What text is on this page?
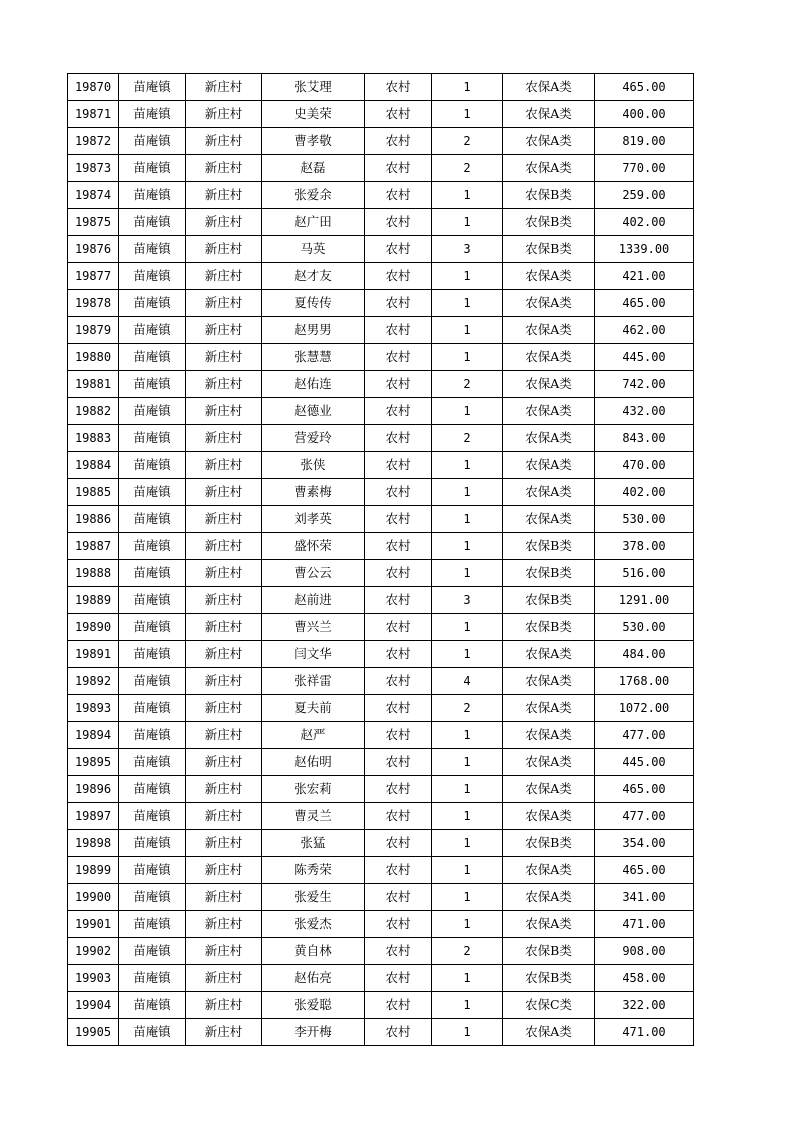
19870	苗庵镇	新庄村	张艾理	农村	1	农保A类	465.00
19871	苗庵镇	新庄村	史美荣	农村	1	农保A类	400.00
19872	苗庵镇	新庄村	曹孝敬	农村	2	农保A类	819.00
19873	苗庵镇	新庄村	赵磊	农村	2	农保A类	770.00
19874	苗庵镇	新庄村	张爱余	农村	1	农保B类	259.00
19875	苗庵镇	新庄村	赵广田	农村	1	农保B类	402.00
19876	苗庵镇	新庄村	马英	农村	3	农保B类	1339.00
19877	苗庵镇	新庄村	赵才友	农村	1	农保A类	421.00
19878	苗庵镇	新庄村	夏传传	农村	1	农保A类	465.00
19879	苗庵镇	新庄村	赵男男	农村	1	农保A类	462.00
19880	苗庵镇	新庄村	张慧慧	农村	1	农保A类	445.00
19881	苗庵镇	新庄村	赵佑连	农村	2	农保A类	742.00
19882	苗庵镇	新庄村	赵德业	农村	1	农保A类	432.00
19883	苗庵镇	新庄村	营爱玲	农村	2	农保A类	843.00
19884	苗庵镇	新庄村	张侠	农村	1	农保A类	470.00
19885	苗庵镇	新庄村	曹素梅	农村	1	农保A类	402.00
19886	苗庵镇	新庄村	刘孝英	农村	1	农保A类	530.00
19887	苗庵镇	新庄村	盛怀荣	农村	1	农保B类	378.00
19888	苗庵镇	新庄村	曹公云	农村	1	农保B类	516.00
19889	苗庵镇	新庄村	赵前进	农村	3	农保B类	1291.00
19890	苗庵镇	新庄村	曹兴兰	农村	1	农保B类	530.00
19891	苗庵镇	新庄村	闫文华	农村	1	农保A类	484.00
19892	苗庵镇	新庄村	张祥雷	农村	4	农保A类	1768.00
19893	苗庵镇	新庄村	夏夫前	农村	2	农保A类	1072.00
19894	苗庵镇	新庄村	赵严	农村	1	农保A类	477.00
19895	苗庵镇	新庄村	赵佑明	农村	1	农保A类	445.00
19896	苗庵镇	新庄村	张宏莉	农村	1	农保A类	465.00
19897	苗庵镇	新庄村	曹灵兰	农村	1	农保A类	477.00
19898	苗庵镇	新庄村	张猛	农村	1	农保B类	354.00
19899	苗庵镇	新庄村	陈秀荣	农村	1	农保A类	465.00
19900	苗庵镇	新庄村	张爱生	农村	1	农保A类	341.00
19901	苗庵镇	新庄村	张爱杰	农村	1	农保A类	471.00
19902	苗庵镇	新庄村	黄自林	农村	2	农保B类	908.00
19903	苗庵镇	新庄村	赵佑亮	农村	1	农保B类	458.00
19904	苗庵镇	新庄村	张爱聪	农村	1	农保C类	322.00
19905	苗庵镇	新庄村	李开梅	农村	1	农保A类	471.00
